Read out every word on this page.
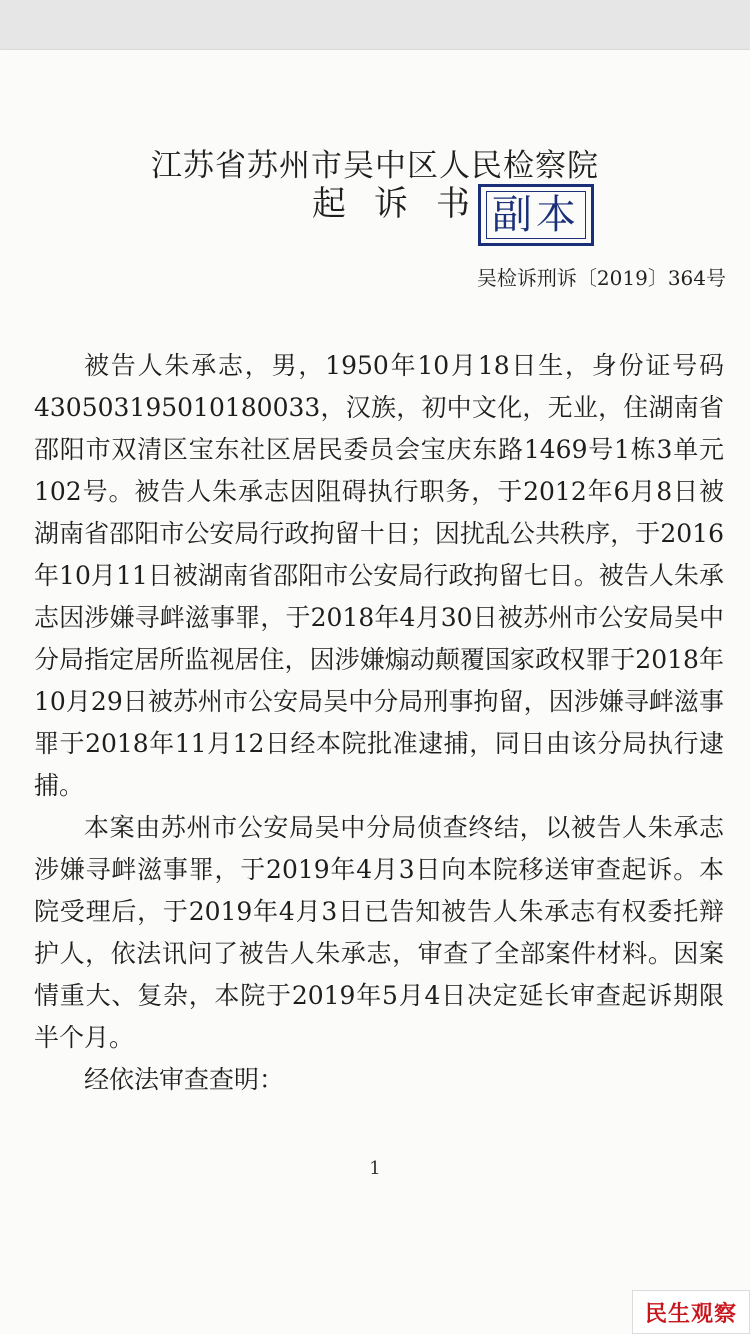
江苏省苏州市吴中区人民检察院
起诉书
副本
吴检诉刑诉〔2019〕364号

被告人朱承志，男，1950年10月18日生，身份证号码430503195010180033，汉族，初中文化，无业，住湖南省邵阳市双清区宝东社区居民委员会宝庆东路1469号1栋3单元102号。被告人朱承志因阻碍执行职务，于2012年6月8日被湖南省邵阳市公安局行政拘留十日；因扰乱公共秩序，于2016年10月11日被湖南省邵阳市公安局行政拘留七日。被告人朱承志因涉嫌寻衅滋事罪，于2018年4月30日被苏州市公安局吴中分局指定居所监视居住，因涉嫌煽动颠覆国家政权罪于2018年10月29日被苏州市公安局吴中分局刑事拘留，因涉嫌寻衅滋事罪于2018年11月12日经本院批准逮捕，同日由该分局执行逮捕。

本案由苏州市公安局吴中分局侦查终结，以被告人朱承志涉嫌寻衅滋事罪，于2019年4月3日向本院移送审查起诉。本院受理后，于2019年4月3日已告知被告人朱承志有权委托辩护人，依法讯问了被告人朱承志，审查了全部案件材料。因案情重大、复杂，本院于2019年5月4日决定延长审查起诉期限半个月。

经依法审查查明：

1
民生观察
